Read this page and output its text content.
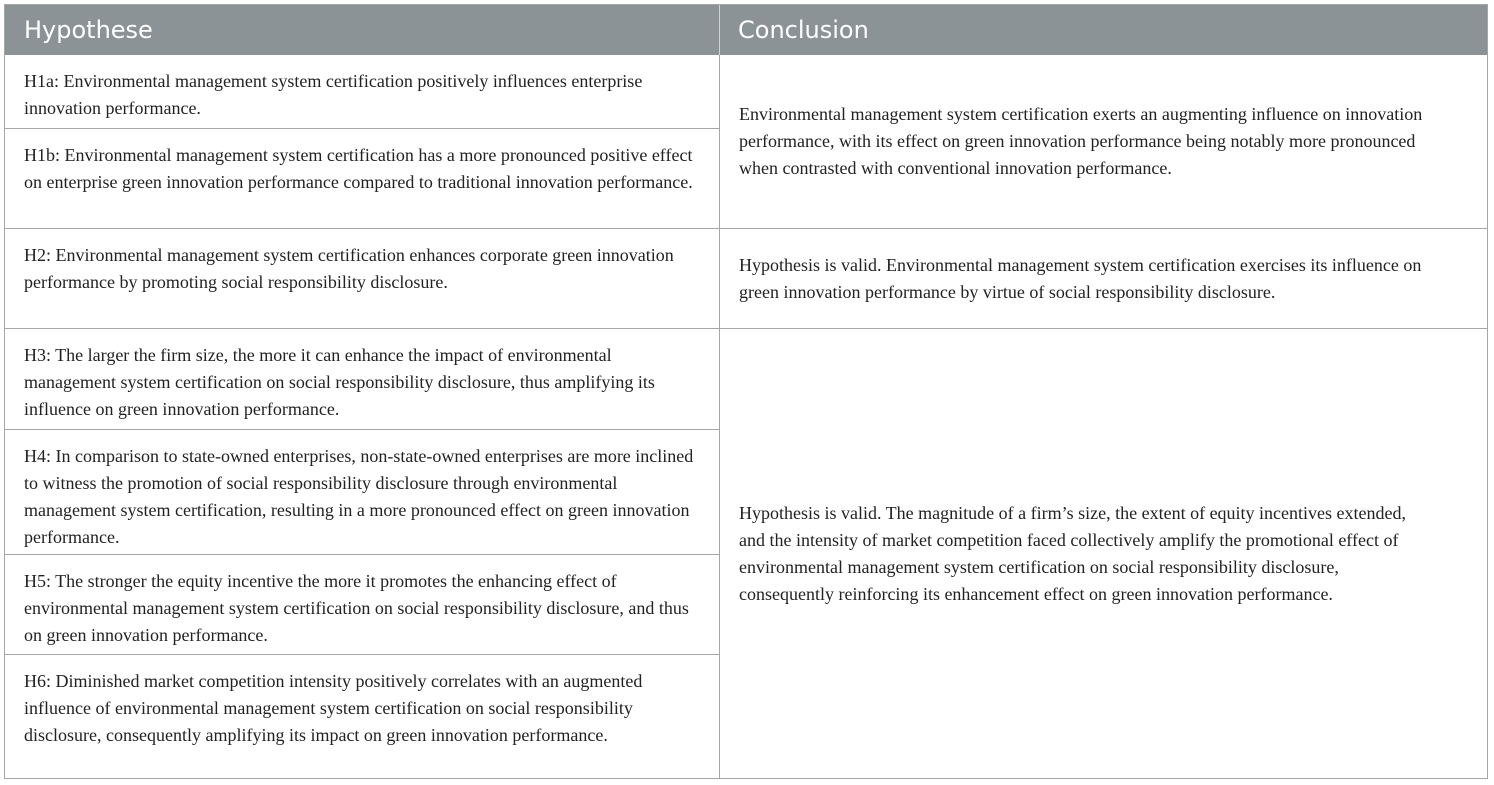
Hypothese	Conclusion
H1a: Environmental management system certification positively influences enterprise innovation performance.
H1b: Environmental management system certification has a more pronounced positive effect on enterprise green innovation performance compared to traditional innovation performance.
H2: Environmental management system certification enhances corporate green innovation performance by promoting social responsibility disclosure.
H3: The larger the firm size, the more it can enhance the impact of environmental management system certification on social responsibility disclosure, thus amplifying its influence on green innovation performance.
H4: In comparison to state-owned enterprises, non-state-owned enterprises are more inclined to witness the promotion of social responsibility disclosure through environmental management system certification, resulting in a more pronounced effect on green innovation performance.
H5: The stronger the equity incentive the more it promotes the enhancing effect of environmental management system certification on social responsibility disclosure, and thus on green innovation performance.
H6: Diminished market competition intensity positively correlates with an augmented influence of environmental management system certification on social responsibility disclosure, consequently amplifying its impact on green innovation performance.
Environmental management system certification exerts an augmenting influence on innovation performance, with its effect on green innovation performance being notably more pronounced when contrasted with conventional innovation performance.
Hypothesis is valid. Environmental management system certification exercises its influence on green innovation performance by virtue of social responsibility disclosure.
Hypothesis is valid. The magnitude of a firm’s size, the extent of equity incentives extended, and the intensity of market competition faced collectively amplify the promotional effect of environmental management system certification on social responsibility disclosure, consequently reinforcing its enhancement effect on green innovation performance.
